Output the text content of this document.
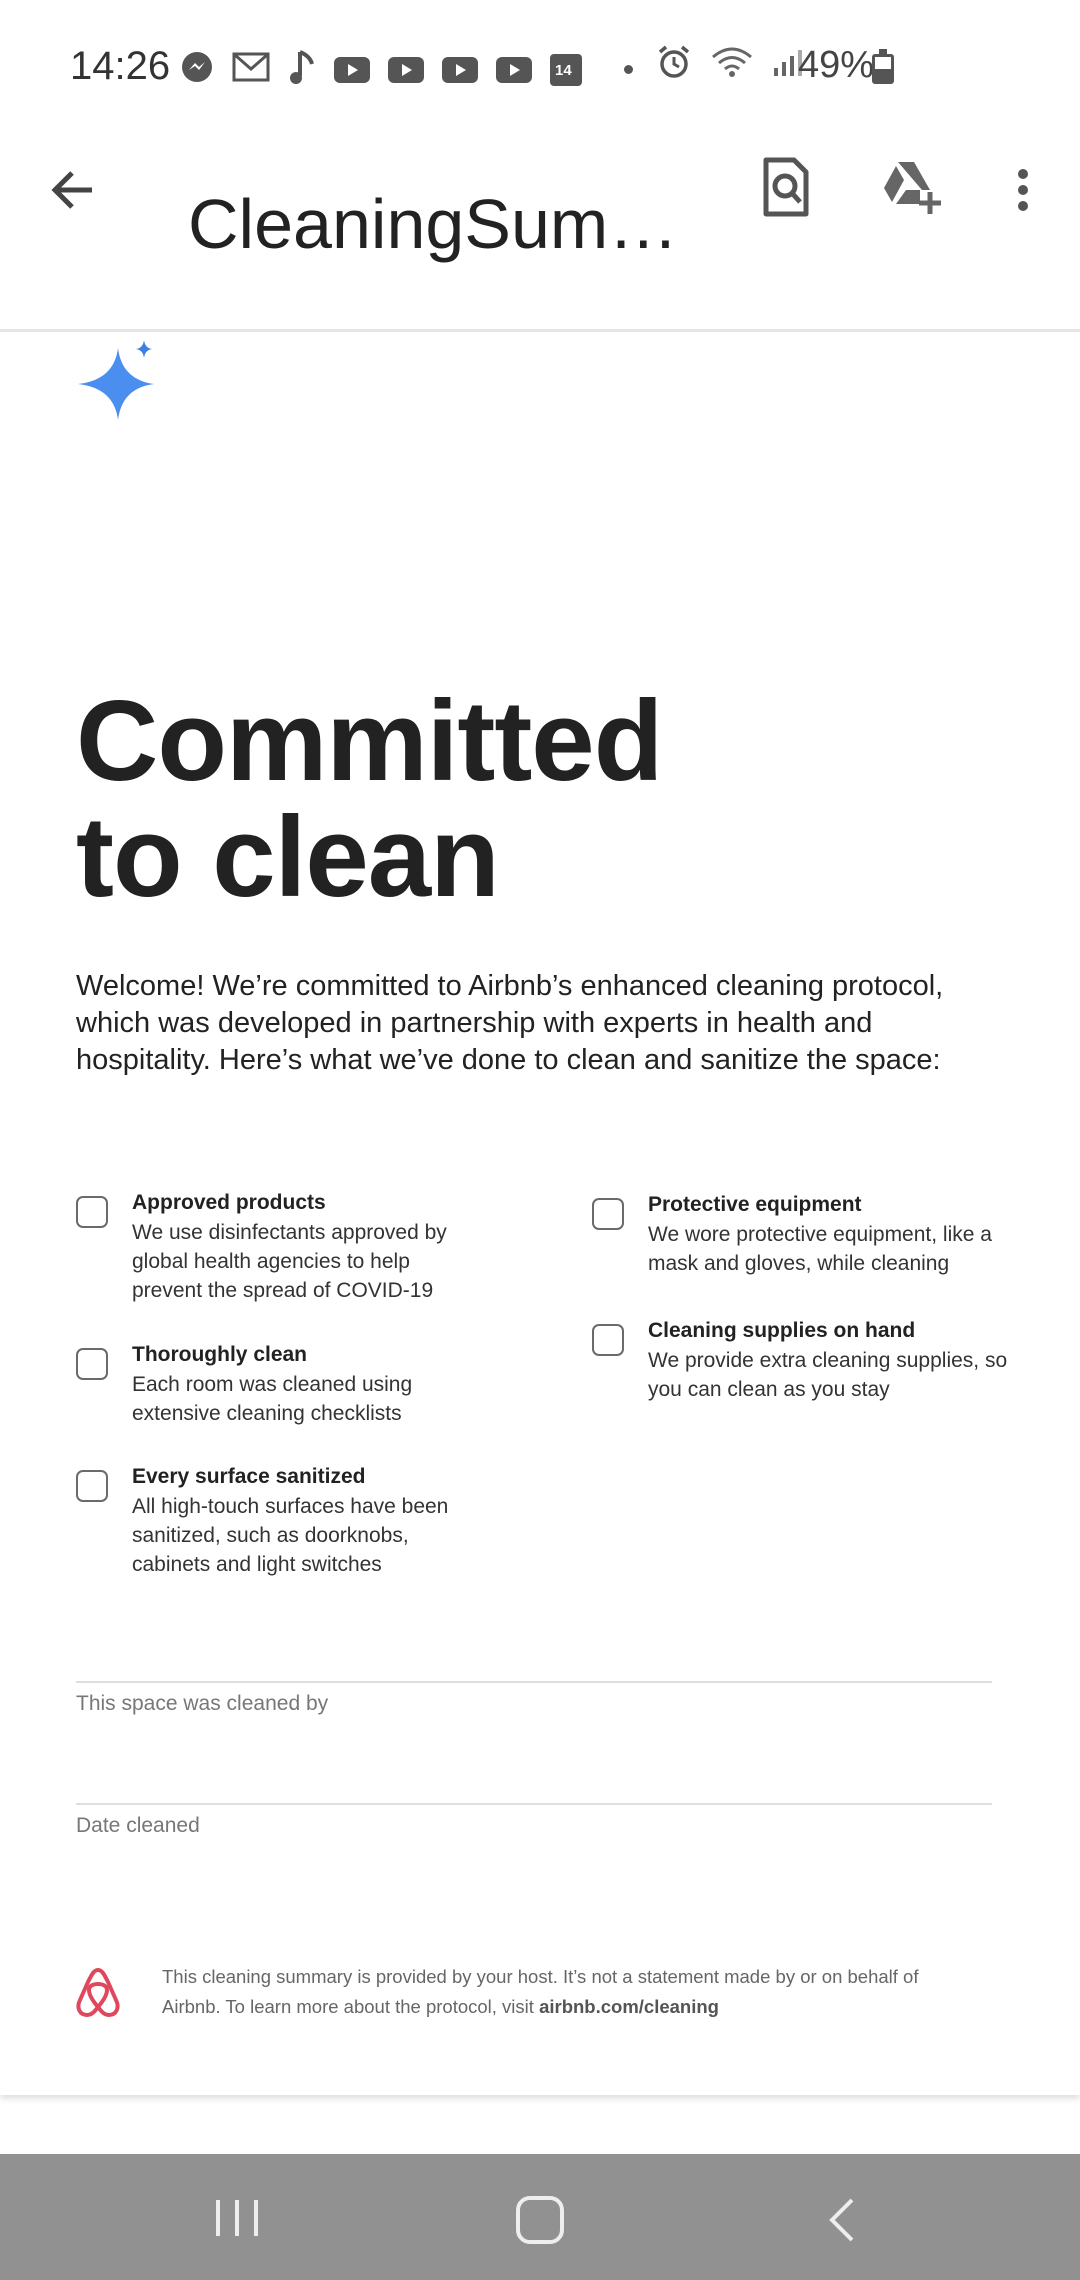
14:26	14	49%
CleaningSum…
Committed
to clean
Welcome! We’re committed to Airbnb’s enhanced cleaning protocol, which was developed in partnership with experts in health and hospitality. Here’s what we’ve done to clean and sanitize the space:
Approved products
We use disinfectants approved by global health agencies to help prevent the spread of COVID-19
Thoroughly clean
Each room was cleaned using extensive cleaning checklists
Every surface sanitized
All high-touch surfaces have been sanitized, such as doorknobs, cabinets and light switches
Protective equipment
We wore protective equipment, like a mask and gloves, while cleaning
Cleaning supplies on hand
We provide extra cleaning supplies, so you can clean as you stay
This space was cleaned by
Date cleaned
This cleaning summary is provided by your host. It’s not a statement made by or on behalf of Airbnb. To learn more about the protocol, visit airbnb.com/cleaning
